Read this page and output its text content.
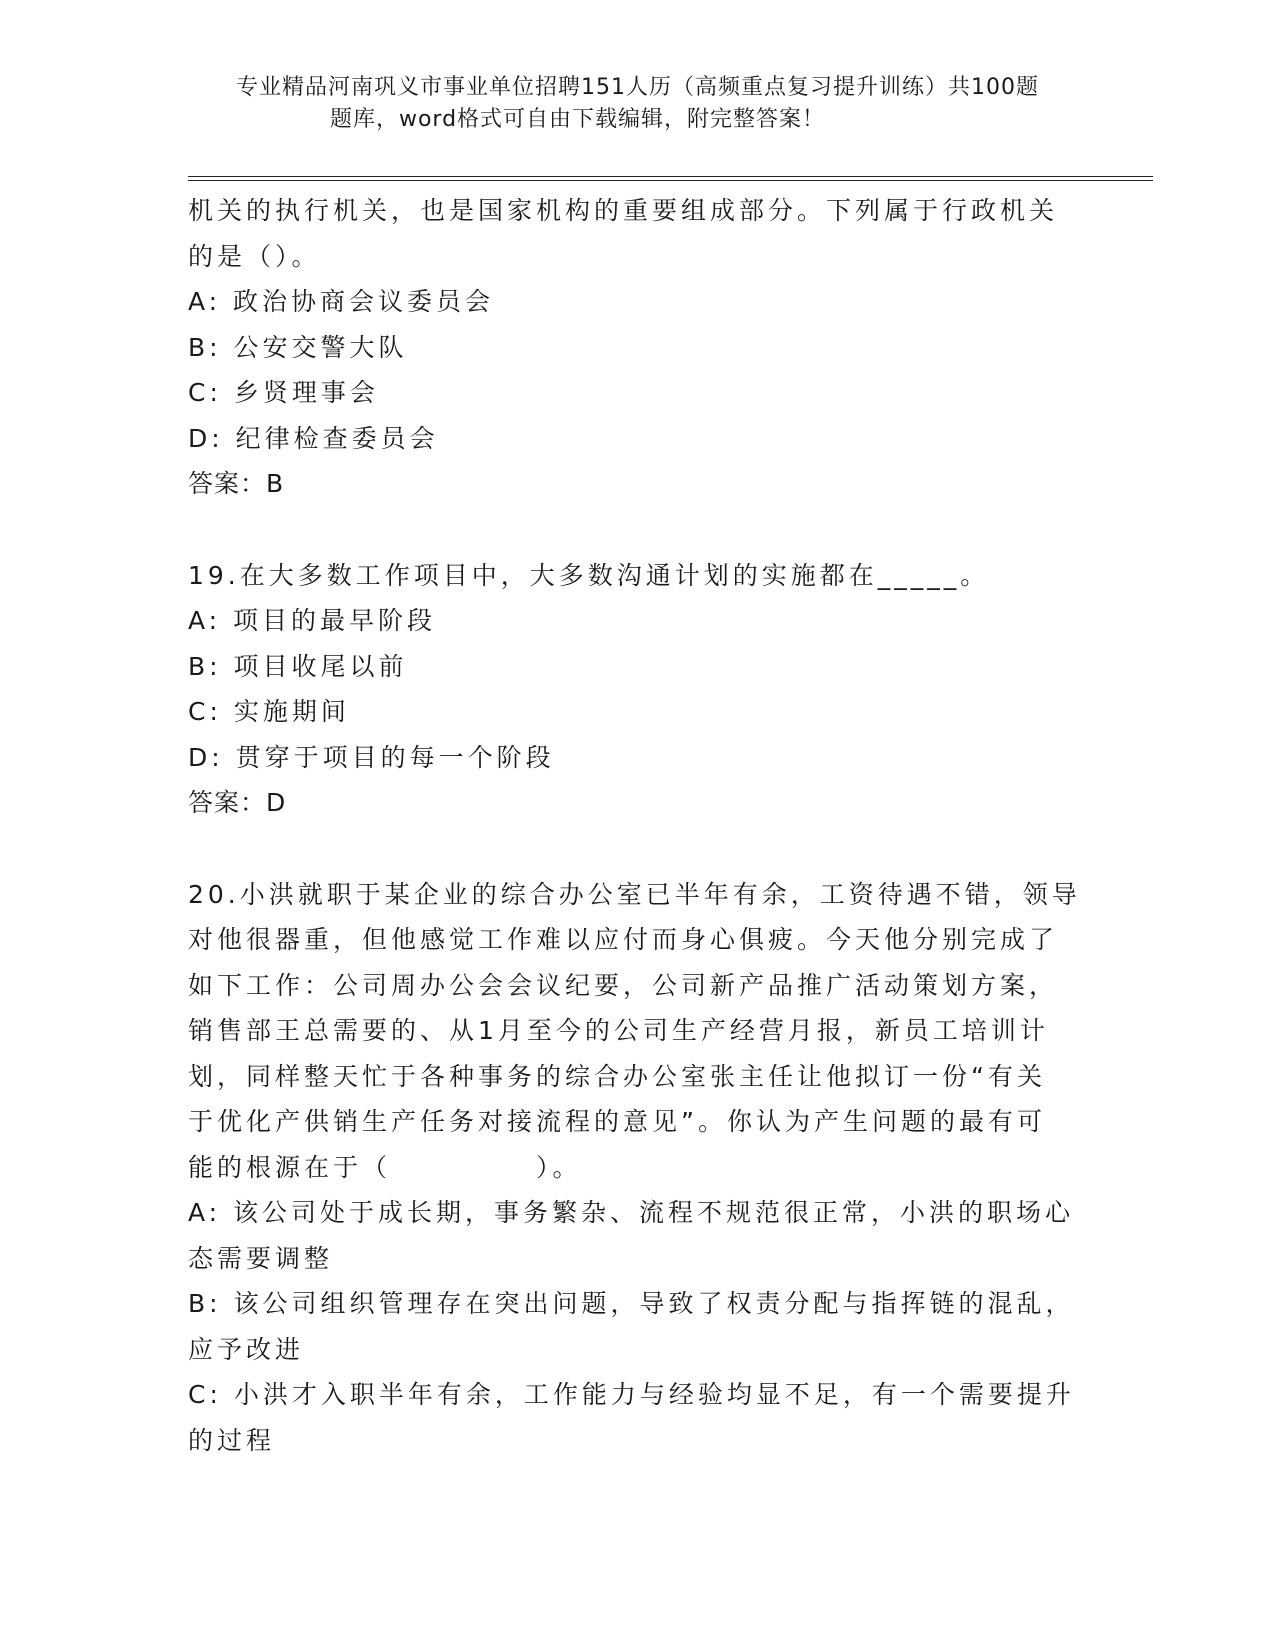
专业精品河南巩义市事业单位招聘151人历（高频重点复习提升训练）共100题
题库，word格式可自由下载编辑，附完整答案！
机关的执行机关，也是国家机构的重要组成部分。下列属于行政机关
的是（）。
A: 政治协商会议委员会
B: 公安交警大队
C: 乡贤理事会
D: 纪律检查委员会
答案：B
19.在大多数工作项目中，大多数沟通计划的实施都在_____。
A: 项目的最早阶段
B: 项目收尾以前
C: 实施期间
D: 贯穿于项目的每一个阶段
答案：D
20.小洪就职于某企业的综合办公室已半年有余，工资待遇不错，领导
对他很器重，但他感觉工作难以应付而身心俱疲。今天他分别完成了
如下工作：公司周办公会会议纪要，公司新产品推广活动策划方案，
销售部王总需要的、从1月至今的公司生产经营月报，新员工培训计
划，同样整天忙于各种事务的综合办公室张主任让他拟订一份“有关
于优化产供销生产任务对接流程的意见”。你认为产生问题的最有可
能的根源在于（　　　　　）。
A: 该公司处于成长期，事务繁杂、流程不规范很正常，小洪的职场心
态需要调整
B: 该公司组织管理存在突出问题，导致了权责分配与指挥链的混乱，
应予改进
C: 小洪才入职半年有余，工作能力与经验均显不足，有一个需要提升
的过程
